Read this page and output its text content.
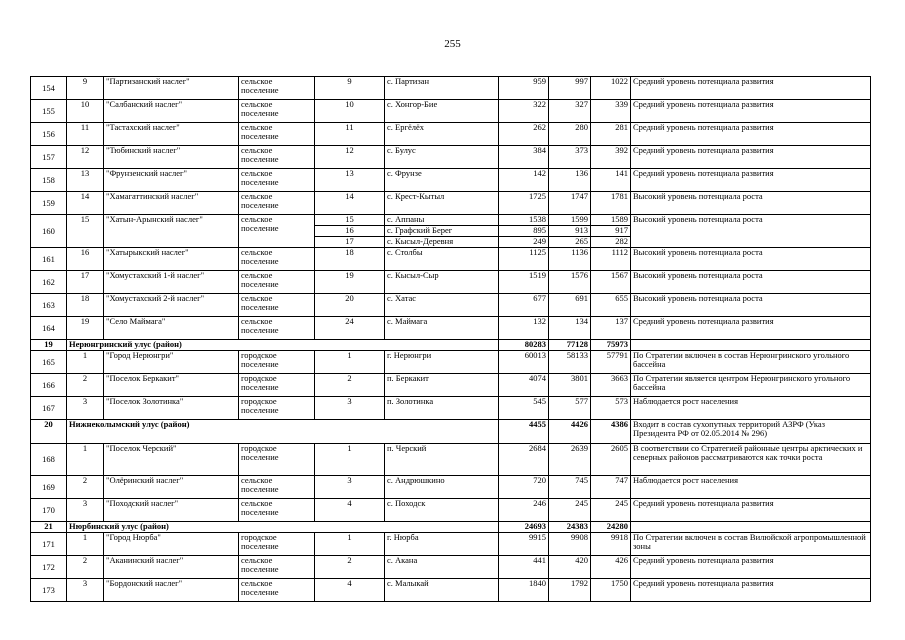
255
154	9	"Партизанский наслег"	сельское поселение	9	с. Партизан	959	997	1022	Средний уровень потенциала развития
155	10	"Салбанский наслег"	сельское поселение	10	с. Хонгор-Бие	322	327	339	Средний уровень потенциала развития
156	11	"Тастахский наслег"	сельское поселение	11	с. Ергёлёх	262	280	281	Средний уровень потенциала развития
157	12	"Тюбинский наслег"	сельское поселение	12	с. Булус	384	373	392	Средний уровень потенциала развития
158	13	"Фрунзенский наслег"	сельское поселение	13	с. Фрунзе	142	136	141	Средний уровень потенциала развития
159	14	"Хамагаттинский наслег"	сельское поселение	14	с. Крест-Кытыл	1725	1747	1781	Высокий уровень потенциала роста
160	15	"Хатын-Арынский наслег"	сельское поселение	15	с. Аппаны	1538	1599	1589	Высокий уровень потенциала роста
				16	с. Графский Берег	895	913	917	
				17	с. Кысыл-Деревня	249	265	282	
161	16	"Хатырыкский наслег"	сельское поселение	18	с. Столбы	1125	1136	1112	Высокий уровень потенциала роста
162	17	"Хомустахский 1-й наслег"	сельское поселение	19	с. Кысыл-Сыр	1519	1576	1567	Высокий уровень потенциала роста
163	18	"Хомустахский 2-й наслег"	сельское поселение	20	с. Хатас	677	691	655	Высокий уровень потенциала роста
164	19	"Село Маймага"	сельское поселение	24	с. Маймага	132	134	137	Средний уровень потенциала развития
19	Нерюнгринский улус (район)					80283	77128	75973	
165	1	"Город Нерюнгри"	городское поселение	1	г. Нерюнгри	60013	58133	57791	По Стратегии включен в состав Нерюнгринского угольного бассейна
166	2	"Поселок Беркакит"	городское поселение	2	п. Беркакит	4074	3801	3663	По Стратегии является центром Нерюнгринского угольного бассейна
167	3	"Поселок Золотинка"	городское поселение	3	п. Золотинка	545	577	573	Наблюдается рост населения
20	Нижнеколымский улус (район)					4455	4426	4386	Входит в состав сухопутных территорий АЗРФ (Указ Президента РФ от 02.05.2014 № 296)
168	1	"Поселок Черский"	городское поселение	1	п. Черский	2684	2639	2605	В соответствии со Стратегией районные центры арктических и северных районов рассматриваются как точки роста
169	2	"Олёринский наслег"	сельское поселение	3	с. Андрюшкино	720	745	747	Наблюдается рост населения
170	3	"Походский наслег"	сельское поселение	4	с. Походск	246	245	245	Средний уровень потенциала развития
21	Нюрбинский улус (район)					24693	24383	24280	
171	1	"Город Нюрба"	городское поселение	1	г. Нюрба	9915	9908	9918	По Стратегии включен в состав Вилюйской агропромышленной зоны
172	2	"Аканинский наслег"	сельское поселение	2	с. Акана	441	420	426	Средний уровень потенциала развития
173	3	"Бордонский наслег"	сельское поселение	4	с. Малыкай	1840	1792	1750	Средний уровень потенциала развития
